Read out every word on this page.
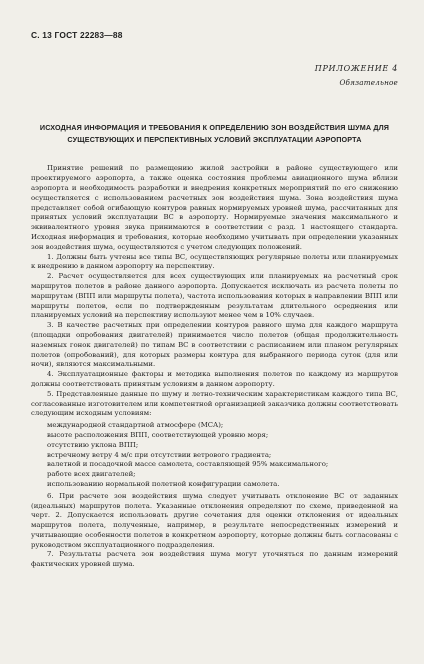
С. 13 ГОСТ 22283—88
ПРИЛОЖЕНИЕ 4
Обязательное
ИСХОДНАЯ ИНФОРМАЦИЯ И ТРЕБОВАНИЯ К ОПРЕДЕЛЕНИЮ ЗОН ВОЗДЕЙСТВИЯ ШУМА ДЛЯ СУЩЕСТВУЮЩИХ И ПЕРСПЕКТИВНЫХ УСЛОВИЙ ЭКСПЛУАТАЦИИ АЭРОПОРТА

Принятие решений по размещению жилой застройки в районе существующего или проектируемого аэропорта, а также оценка состояния проблемы авиационного шума вблизи аэропорта и необходимость разработки и внедрения конкретных мероприятий по его снижению осуществляется с использованием расчетных зон воздействия шума. Зона воздействия шума представляет собой огибающую контуров равных нормируемых уровней шума, рассчитанных для принятых условий эксплуатации ВС в аэропорту. Нормируемые значения максимального и эквивалентного уровня звука принимаются в соответствии с разд. 1 настоящего стандарта. Исходная информация и требования, которые необходимо учитывать при определении указанных зон воздействия шума, осуществляются с учетом следующих положений.

1. Должны быть учтены все типы ВС, осуществляющих регулярные полеты или планируемых к внедрению в данном аэропорту на перспективу.

2. Расчет осуществляется для всех существующих или планируемых на расчетный срок маршрутов полетов в районе данного аэропорта. Допускается исключать из расчета полеты по маршрутам (ВПП или маршруты полета), частота использования которых в направлении ВПП или маршруты полетов, если по подтвержденным результатам длительного осреднения или планируемых условий на перспективу используют менее чем в 10% случаев.

3. В качестве расчетных при определении контуров равного шума для каждого маршрута (площадки опробования двигателей) принимается число полетов (общая продолжительность наземных гонок двигателей) по типам ВС в соответствии с расписанием или планом регулярных полетов (опробований), для которых размеры контура для выбранного периода суток (для или ночи), являются максимальными.

4. Эксплуатационные факторы и методика выполнения полетов по каждому из маршрутов должны соответствовать принятым условиям в данном аэропорту.

5. Представленные данные по шуму и летно-техническим характеристикам каждого типа ВС, согласованные изготовителем или компетентной организацией заказчика должны соответствовать следующим исходным условиям:

международной стандартной атмосфере (МСА);

высоте расположения ВПП, соответствующей уровню моря;

отсутствию уклона ВПП;

встречному ветру 4 м/с при отсутствии ветрового градиента;

валетной и посадочной массе самолета, составляющей 95% максимального;

работе всех двигателей;

использованию нормальной полетной конфигурации самолета.

6. При расчете зон воздействия шума следует учитывать отклонение ВС от заданных (идеальных) маршрутов полета. Указанные отклонения определяют по схеме, приведенной на черт. 2. Допускается использовать другие сочетания для оценки отклонения от идеальных маршрутов полета, полученные, например, в результате непосредственных измерений и учитывающие особенности полетов в конкретном аэропорту, которые должны быть согласованы с руководством эксплуатационного подразделения.

7. Результаты расчета зон воздействия шума могут уточняться по данным измерений фактических уровней шума.
